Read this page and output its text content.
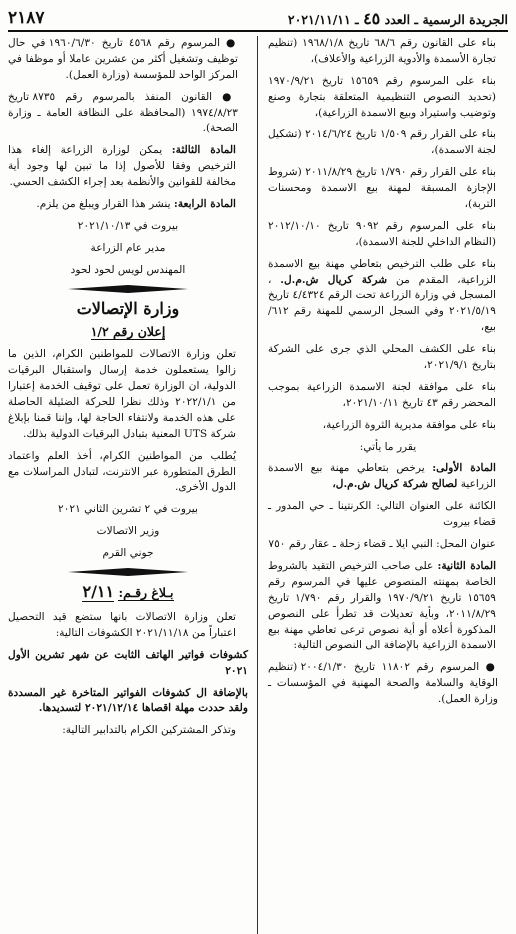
الجريدة الرسمية ـ العدد ٤٥ ـ ٢٠٢١/١١/١١
٢١٨٧

بناء على القانون رقم ٦٨/٦ تاريخ ١٩٦٨/١/٨ (تنظيم تجارة الأسمدة والأدوية الزراعية والأعلاف)،

بناء على المرسوم رقم ١٥٦٥٩ تاريخ ١٩٧٠/٩/٢١ (تحديد النصوص التنظيمية المتعلقة بتجارة وصنع وتوضيب واستيراد وبيع الاسمدة الزراعية)،

بناء على القرار رقم ١/٥٠٩ تاريخ ٢٠١٤/٦/٢٤ (تشكيل لجنة الاسمدة)،

بناء على القرار رقم ١/٧٩٠ تاريخ ٢٠١١/٨/٢٩ (شروط الإجازة المسبقة لمهنة بيع الاسمدة ومحسنات التربة)،

بناء على المرسوم رقم ٩٠٩٢ تاريخ ٢٠١٢/١٠/١٠ (النظام الداخلي للجنة الاسمدة)،

بناء على طلب الترخيص بتعاطي مهنة بيع الاسمدة الزراعية، المقدم من شركة كريال ش.م.ل. ، المسجل في وزارة الزراعة تحت الرقم ٤/٤٣٢٤ تاريخ ٢٠٢١/٥/١٩ وفي السجل الرسمي للمهنة رقم ٦١٢/ بيع،

بناء على الكشف المحلي الذي جرى على الشركة بتاريخ ٢٠٢١/٩/١،

بناء على موافقة لجنة الاسمدة الزراعية بموجب المحضر رقم ٤٣ تاريخ ٢٠٢١/١٠/١١،

بناء على موافقة مديرية الثروة الزراعية،

يقرر ما يأتي:

المادة الأولى: يرخص بتعاطي مهنة بيع الاسمدة الزراعية لصالح شركة كريال ش.م.ل،

الكائنة على العنوان التالي: الكرنتينا ـ حي المدور ـ قضاء بيروت

عنوان المحل: النبي ايلا ـ قضاء زحلة ـ عقار رقم ٧٥٠

المادة الثانية: على صاحب الترخيص التقيد بالشروط الخاصة بمهنته المنصوص عليها في المرسوم رقم ١٥٦٥٩ تاريخ ١٩٧٠/٩/٢١ والقرار رقم ١/٧٩٠ تاريخ ٢٠١١/٨/٢٩، وبأية تعديلات قد تطرأ على النصوص المذكورة أعلاه أو أية نصوص ترعى تعاطي مهنة بيع الاسمدة الزراعية بالإضافة الى النصوص التالية:

● المرسوم رقم ١١٨٠٢ تاريخ ٢٠٠٤/١/٣٠ (تنظيم الوقاية والسلامة والصحة المهنية في المؤسسات ـ وزارة العمل).

● المرسوم رقم ٤٥٦٨ تاريخ ١٩٦٠/٦/٣٠ في حال توظيف وتشغيل أكثر من عشرين عاملا أو موظفا في المركز الواحد للمؤسسة (وزارة العمل).

● القانون المنفذ بالمرسوم رقم ٨٧٣٥ تاريخ ١٩٧٤/٨/٢٣ (المحافظة على النظافة العامة ـ وزارة الصحة).

المادة الثالثة: يمكن لوزارة الزراعة إلغاء هذا الترخيص وفقا للأصول إذا ما تبين لها وجود أية مخالفة للقوانين والأنظمة بعد إجراء الكشف الحسي.

المادة الرابعة: ينشر هذا القرار ويبلغ من يلزم.

بيروت في ٢٠٢١/١٠/١٣

مدير عام الزراعة

المهندس لويس لحود لحود

وزارة الإتصالات
إعلان رقم ١/٢

تعلن وزارة الاتصالات للمواطنين الكرام، الذين ما زالوا يستعملون خدمة إرسال واستقبال البرقيات الدولية، ان الوزارة تعمل على توقيف الخدمة إعتبارا من ٢٠٢٢/١/١ وذلك نظرا للحركة الضئيلة الحاصلة على هذه الخدمة ولانتفاء الحاجة لها، وإننا قمنا بإبلاغ شركة UTS المعنية بتبادل البرقيات الدولية بذلك.

يُطلب من المواطنين الكرام، أخذ العلم واعتماد الطرق المتطورة عبر الانترنت، لتبادل المراسلات مع الدول الأخرى.

بيروت في ٢ تشرين الثاني ٢٠٢١

وزير الاتصالات

جوني القرم

بـلاغ رقـم: ٢/١١

تعلن وزارة الاتصالات بانها ستضع قيد التحصيل اعتباراً من ٢٠٢١/١١/١٨ الكشوفات التالية:

كشوفات فواتير الهاتف الثابت عن شهر تشرين الأول ٢٠٢١

بالإضافة ال كشوفات الفواتير المتاخرة غير المسددة ولقد حددت مهلة اقصاها ٢٠٢١/١٢/١٤ لتسديدها.

وتذكر المشتركين الكرام بالتدابير التالية:
